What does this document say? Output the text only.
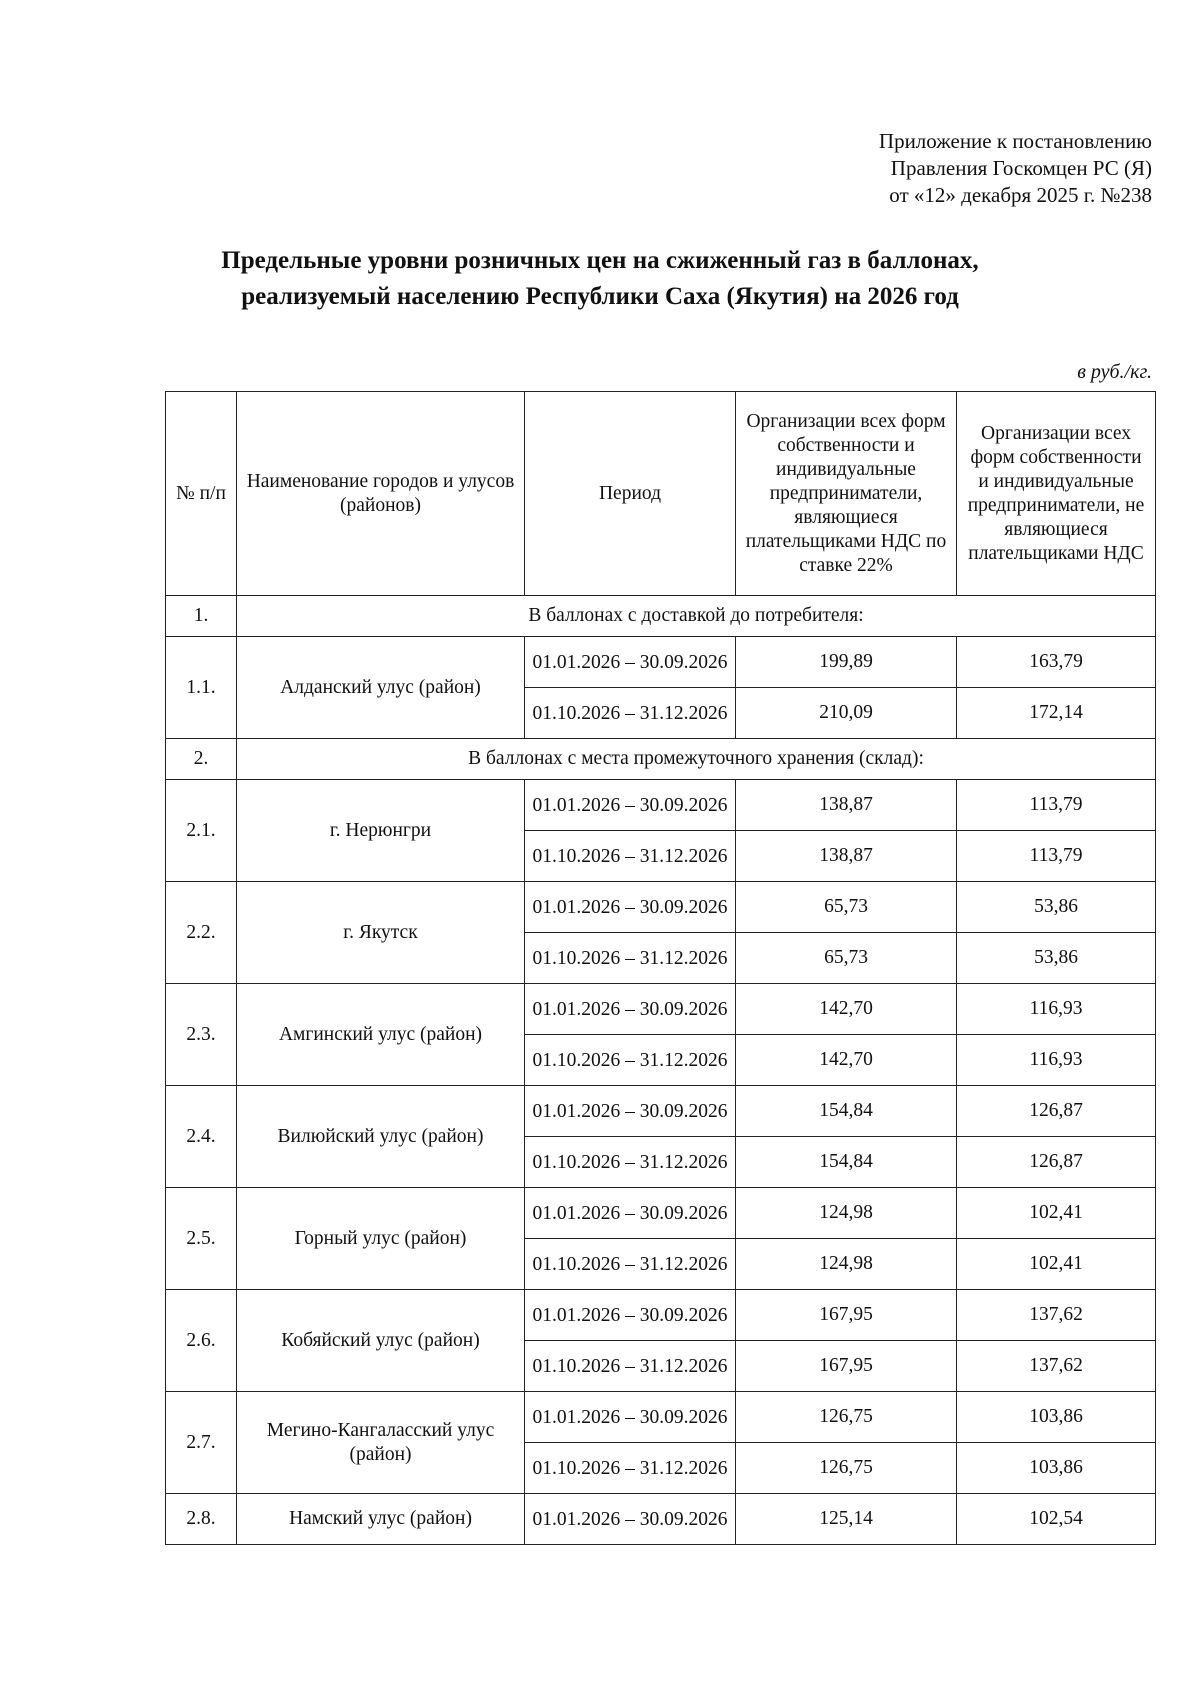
Приложение к постановлению
Правления Госкомцен РС (Я)
от «12» декабря 2025 г. №238
Предельные уровни розничных цен на сжиженный газ в баллонах,
реализуемый населению Республики Саха (Якутия) на 2026 год
в руб./кг.
№ п/п	Наименование городов и улусов (районов)	Период	Организации всех форм собственности и индивидуальные предприниматели, являющиеся плательщиками НДС по ставке 22%	Организации всех форм собственности и индивидуальные предприниматели, не являющиеся плательщиками НДС
1.	В баллонах с доставкой до потребителя:			
1.1.	Алданский улус (район)	01.01.2026 – 30.09.2026	199,89	163,79
		01.10.2026 – 31.12.2026	210,09	172,14
2.	В баллонах с места промежуточного хранения (склад):			
2.1.	г. Нерюнгри	01.01.2026 – 30.09.2026	138,87	113,79
		01.10.2026 – 31.12.2026	138,87	113,79
2.2.	г. Якутск	01.01.2026 – 30.09.2026	65,73	53,86
		01.10.2026 – 31.12.2026	65,73	53,86
2.3.	Амгинский улус (район)	01.01.2026 – 30.09.2026	142,70	116,93
		01.10.2026 – 31.12.2026	142,70	116,93
2.4.	Вилюйский улус (район)	01.01.2026 – 30.09.2026	154,84	126,87
		01.10.2026 – 31.12.2026	154,84	126,87
2.5.	Горный улус (район)	01.01.2026 – 30.09.2026	124,98	102,41
		01.10.2026 – 31.12.2026	124,98	102,41
2.6.	Кобяйский улус (район)	01.01.2026 – 30.09.2026	167,95	137,62
		01.10.2026 – 31.12.2026	167,95	137,62
2.7.	Мегино-Кангаласский улус (район)	01.01.2026 – 30.09.2026	126,75	103,86
		01.10.2026 – 31.12.2026	126,75	103,86
2.8.	Намский улус (район)	01.01.2026 – 30.09.2026	125,14	102,54
